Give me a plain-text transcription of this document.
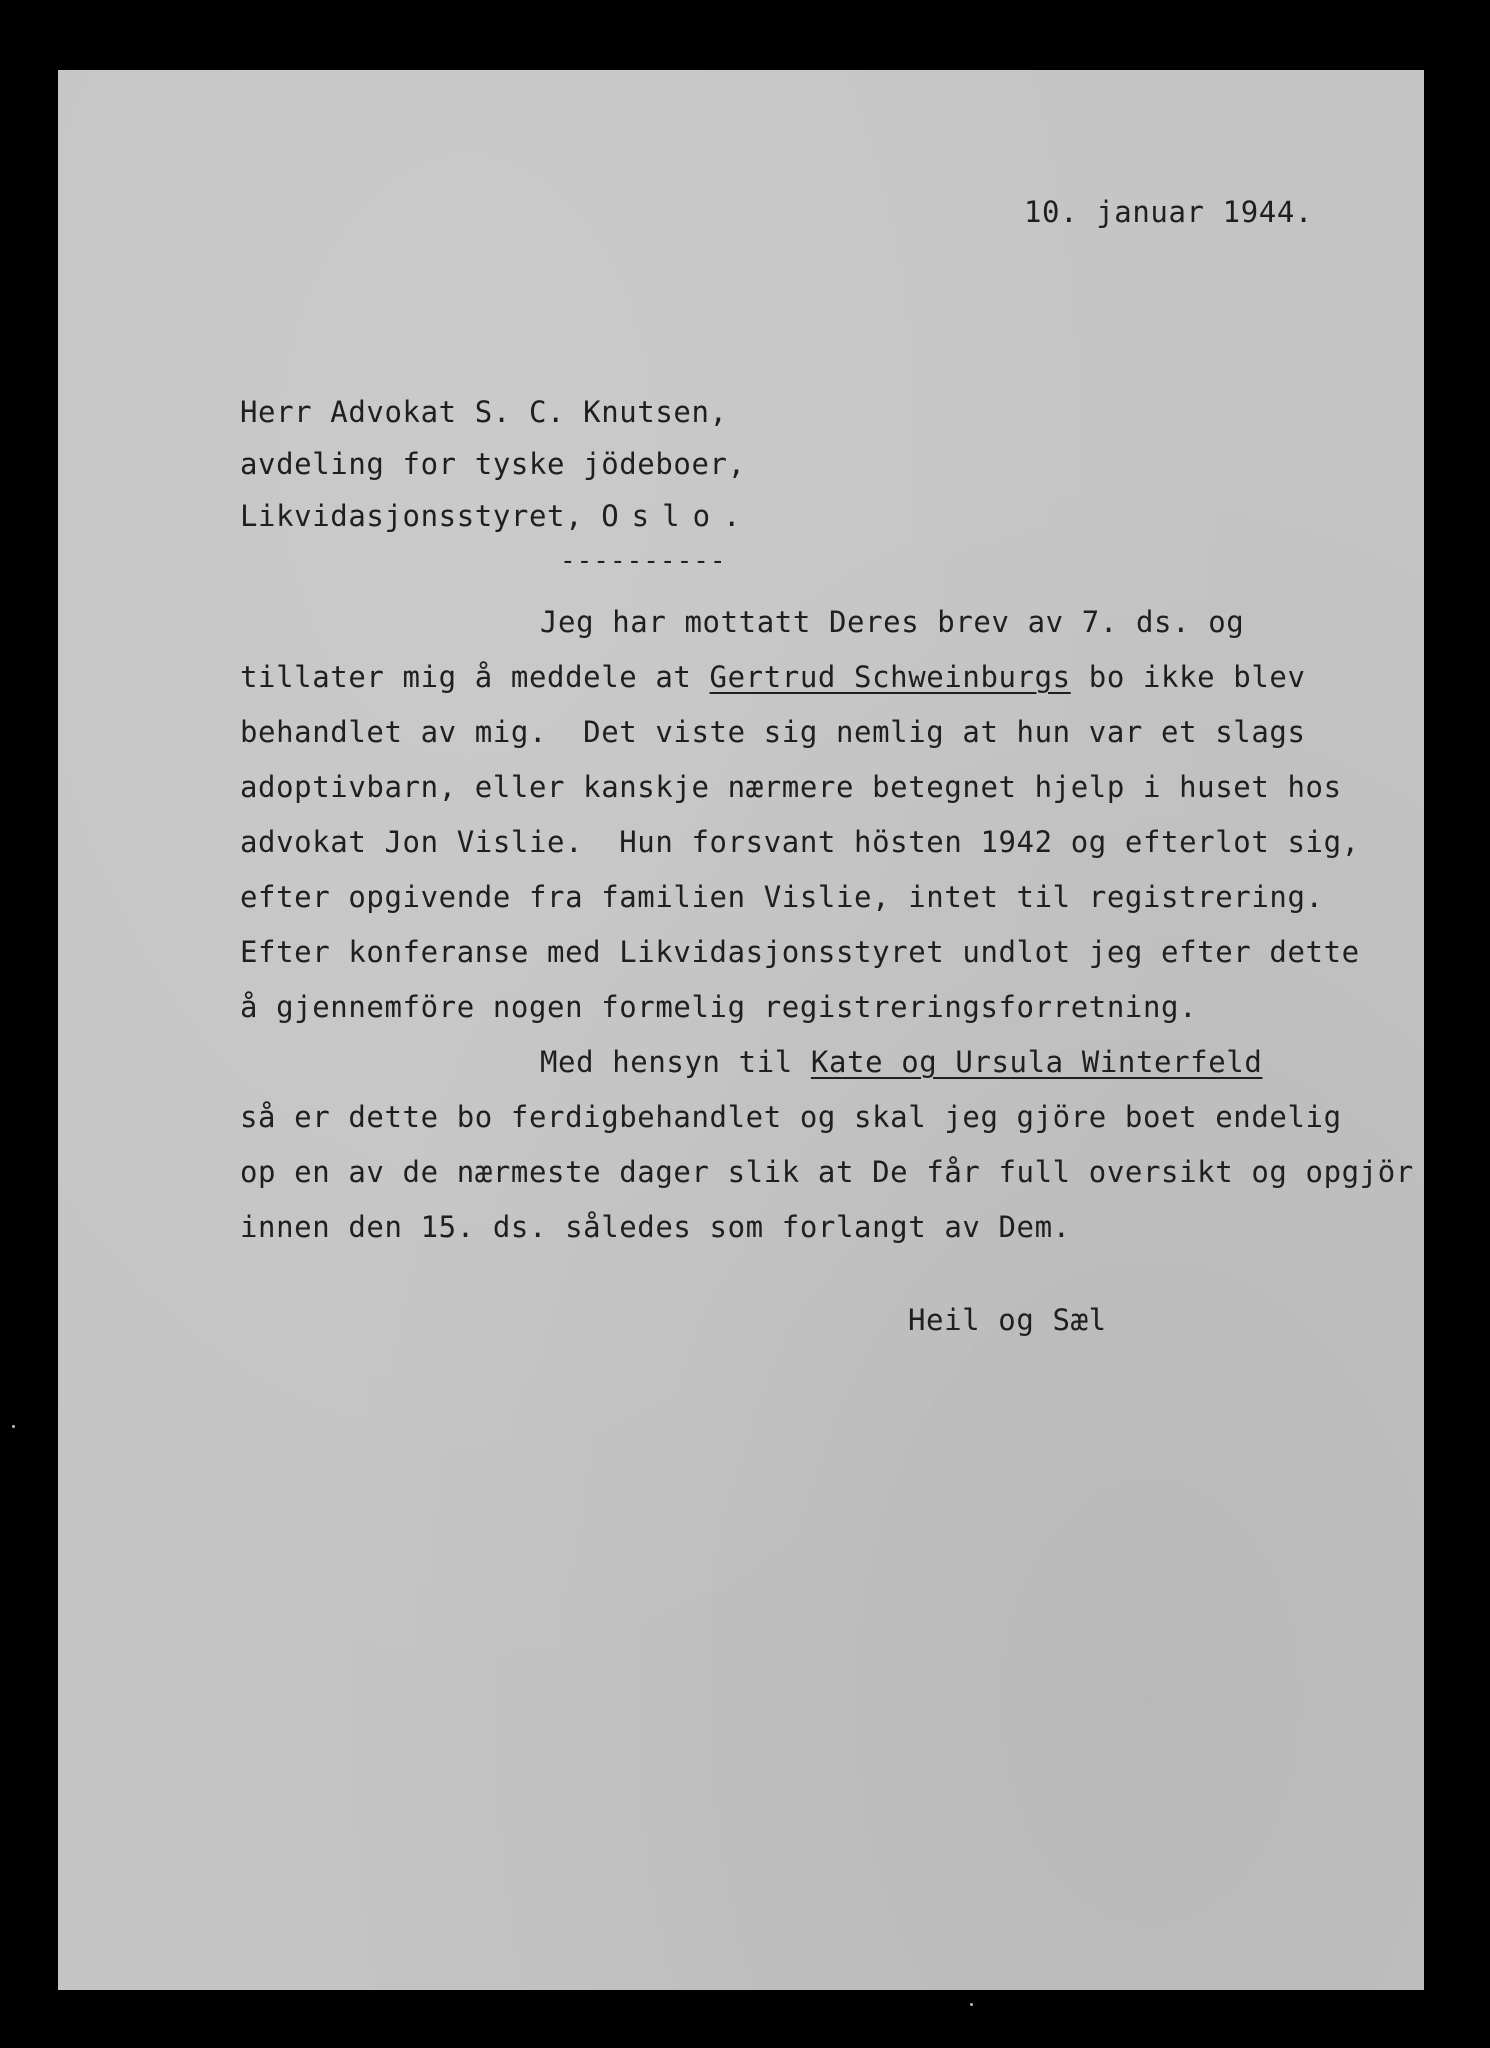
10. januar 1944.
Herr Advokat S. C. Knutsen,
avdeling for tyske jödeboer,
Likvidasjonsstyret, Oslo.
----------
Jeg har mottatt Deres brev av 7. ds. og
tillater mig å meddele at Gertrud Schweinburgs bo ikke blev
behandlet av mig.  Det viste sig nemlig at hun var et slags
adoptivbarn, eller kanskje nærmere betegnet hjelp i huset hos
advokat Jon Vislie.  Hun forsvant hösten 1942 og efterlot sig,
efter opgivende fra familien Vislie, intet til registrering.
Efter konferanse med Likvidasjonsstyret undlot jeg efter dette
å gjennemföre nogen formelig registreringsforretning.
Med hensyn til Kate og Ursula Winterfeld
så er dette bo ferdigbehandlet og skal jeg gjöre boet endelig
op en av de nærmeste dager slik at De får full oversikt og opgjör
innen den 15. ds. således som forlangt av Dem.
Heil og Sæl
